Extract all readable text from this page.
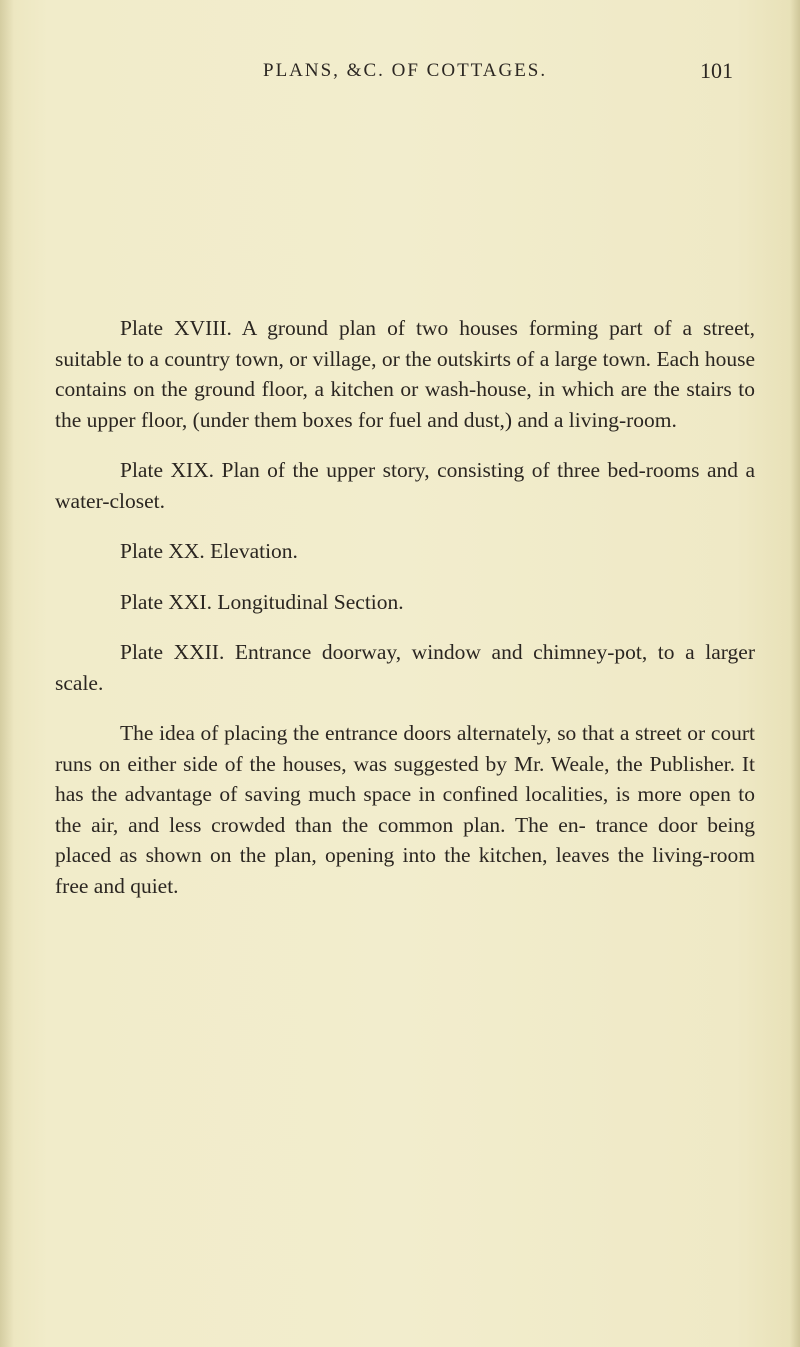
PLANS, &C. OF COTTAGES.	101

Plate XVIII. A ground plan of two houses forming part of a street, suitable to a country town, or village, or the outskirts of a large town. Each house contains on the ground floor, a kitchen or wash-house, in which are the stairs to the upper floor, (under them boxes for fuel and dust,) and a living-room.

Plate XIX. Plan of the upper story, consisting of three bed-rooms and a water-closet.

Plate XX. Elevation.

Plate XXI. Longitudinal Section.

Plate XXII. Entrance doorway, window and chimney-pot, to a larger scale.

The idea of placing the entrance doors alternately, so that a street or court runs on either side of the houses, was suggested by Mr. Weale, the Publisher. It has the advantage of saving much space in confined localities, is more open to the air, and less crowded than the common plan. The en- trance door being placed as shown on the plan, opening into the kitchen, leaves the living-room free and quiet.
